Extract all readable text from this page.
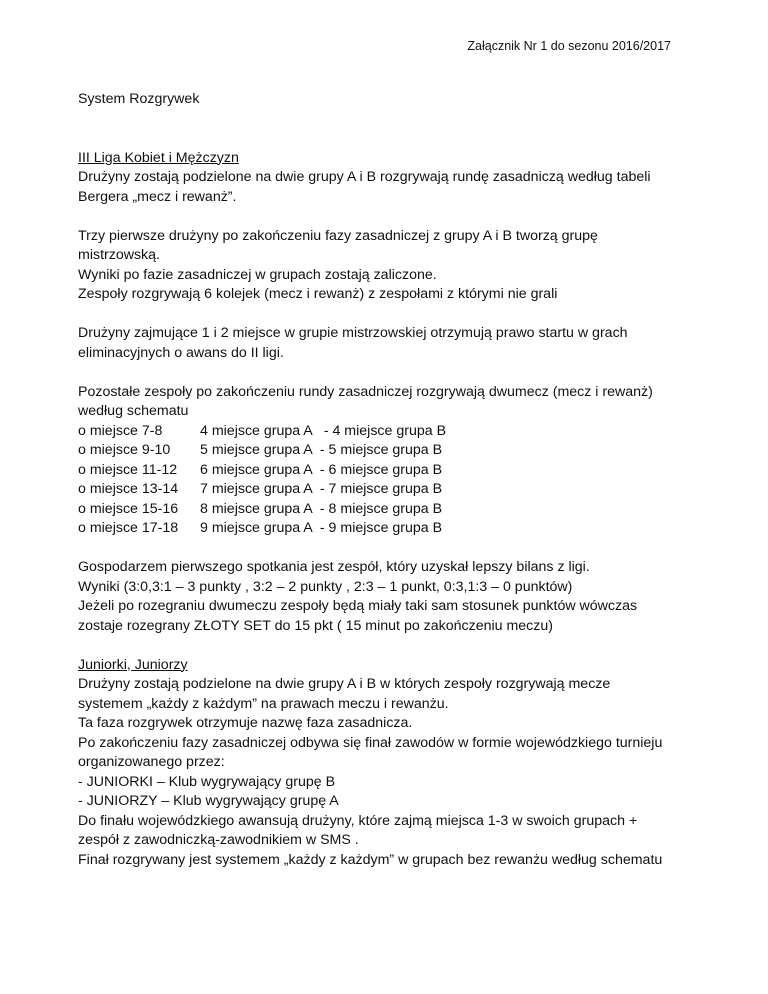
Załącznik Nr 1 do sezonu 2016/2017

System Rozgrywek

III Liga Kobiet i Mężczyzn

Drużyny zostają podzielone na dwie grupy A i B rozgrywają rundę zasadniczą według tabeli

Bergera „mecz i rewanż”.

Trzy pierwsze drużyny po zakończeniu fazy zasadniczej z grupy A i B tworzą grupę

mistrzowską.

Wyniki po fazie zasadniczej w grupach zostają zaliczone.

Zespoły rozgrywają 6 kolejek (mecz i rewanż) z zespołami z którymi nie grali

Drużyny zajmujące 1 i 2 miejsce w grupie mistrzowskiej otrzymują prawo startu w grach

eliminacyjnych o awans do II ligi.

Pozostałe zespoły po zakończeniu rundy zasadniczej rozgrywają dwumecz (mecz i rewanż)

według schematu

o miejsce 7-8	4 miejsce grupa A   - 4 miejsce grupa B
o miejsce 9-10	5 miejsce grupa A  - 5 miejsce grupa B
o miejsce 11-12	6 miejsce grupa A  - 6 miejsce grupa B
o miejsce 13-14	7 miejsce grupa A  - 7 miejsce grupa B
o miejsce 15-16	8 miejsce grupa A  - 8 miejsce grupa B
o miejsce 17-18	9 miejsce grupa A  - 9 miejsce grupa B

Gospodarzem pierwszego spotkania jest zespół, który uzyskał lepszy bilans z ligi.

Wyniki (3:0,3:1 – 3 punkty , 3:2 – 2 punkty , 2:3 – 1 punkt, 0:3,1:3 – 0 punktów)

Jeżeli po rozegraniu dwumeczu zespoły będą miały taki sam stosunek punktów wówczas

zostaje rozegrany ZŁOTY SET do 15 pkt ( 15 minut po zakończeniu meczu)

Juniorki, Juniorzy

Drużyny zostają podzielone na dwie grupy A i B w których zespoły rozgrywają mecze

systemem „każdy z każdym” na prawach meczu i rewanżu.

Ta faza rozgrywek otrzymuje nazwę faza zasadnicza.

Po zakończeniu fazy zasadniczej odbywa się finał zawodów w formie wojewódzkiego turnieju

organizowanego przez:

- JUNIORKI – Klub wygrywający grupę B

- JUNIORZY – Klub wygrywający grupę A

Do finału wojewódzkiego awansują drużyny, które zajmą miejsca 1-3 w swoich grupach +

zespół z zawodniczką-zawodnikiem w SMS .

Finał rozgrywany jest systemem „każdy z każdym” w grupach bez rewanżu według schematu
